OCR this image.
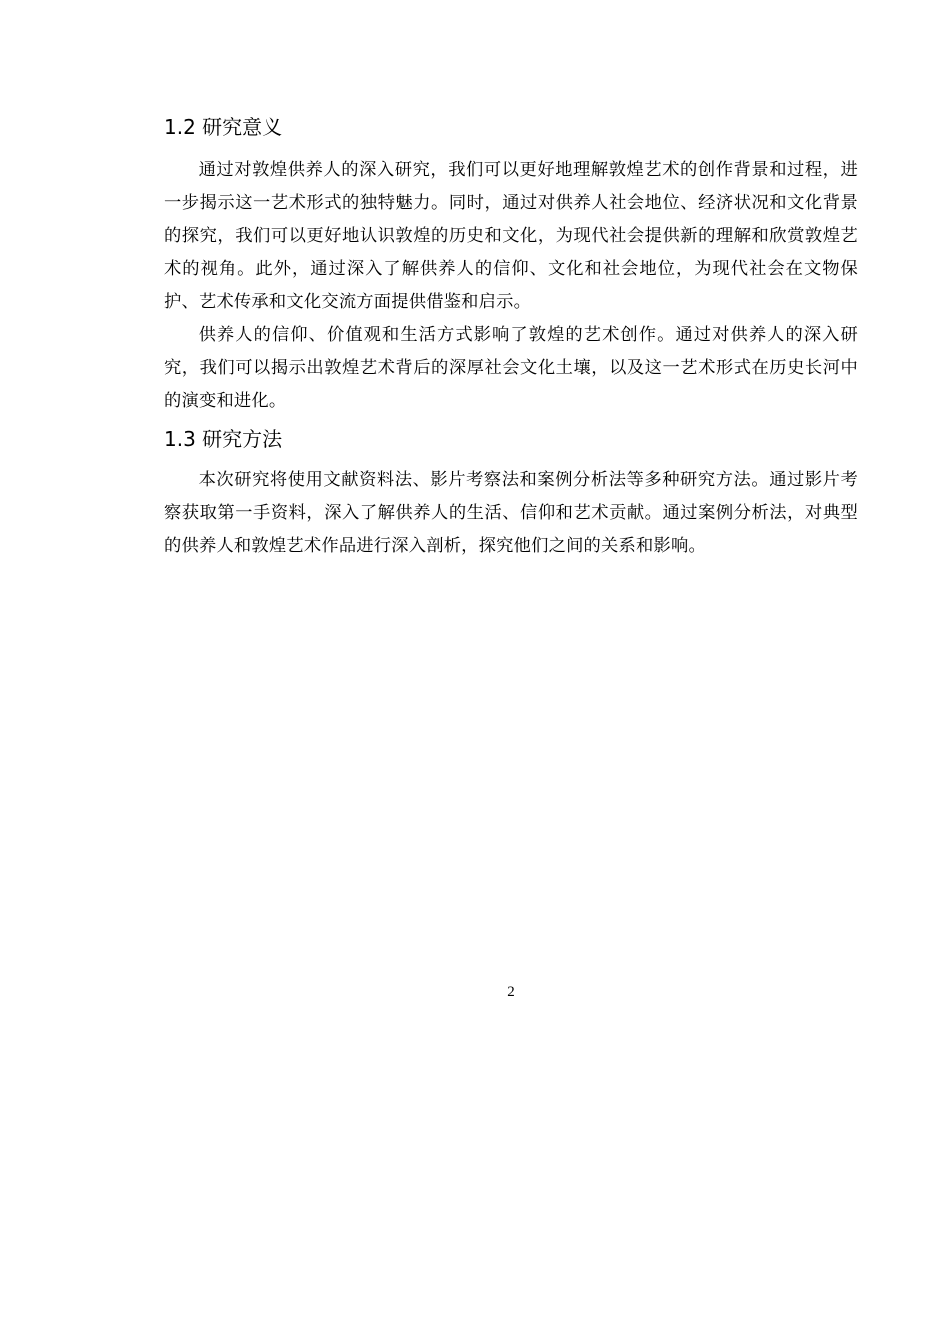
1.2 研究意义

通过对敦煌供养人的深入研究，我们可以更好地理解敦煌艺术的创作背景和过程，进一步揭示这一艺术形式的独特魅力。同时，通过对供养人社会地位、经济状况和文化背景的探究，我们可以更好地认识敦煌的历史和文化，为现代社会提供新的理解和欣赏敦煌艺术的视角。此外，通过深入了解供养人的信仰、文化和社会地位，为现代社会在文物保护、艺术传承和文化交流方面提供借鉴和启示。

供养人的信仰、价值观和生活方式影响了敦煌的艺术创作。通过对供养人的深入研究，我们可以揭示出敦煌艺术背后的深厚社会文化土壤，以及这一艺术形式在历史长河中的演变和进化。

1.3 研究方法

本次研究将使用文献资料法、影片考察法和案例分析法等多种研究方法。通过影片考察获取第一手资料，深入了解供养人的生活、信仰和艺术贡献。通过案例分析法，对典型的供养人和敦煌艺术作品进行深入剖析，探究他们之间的关系和影响。

2
